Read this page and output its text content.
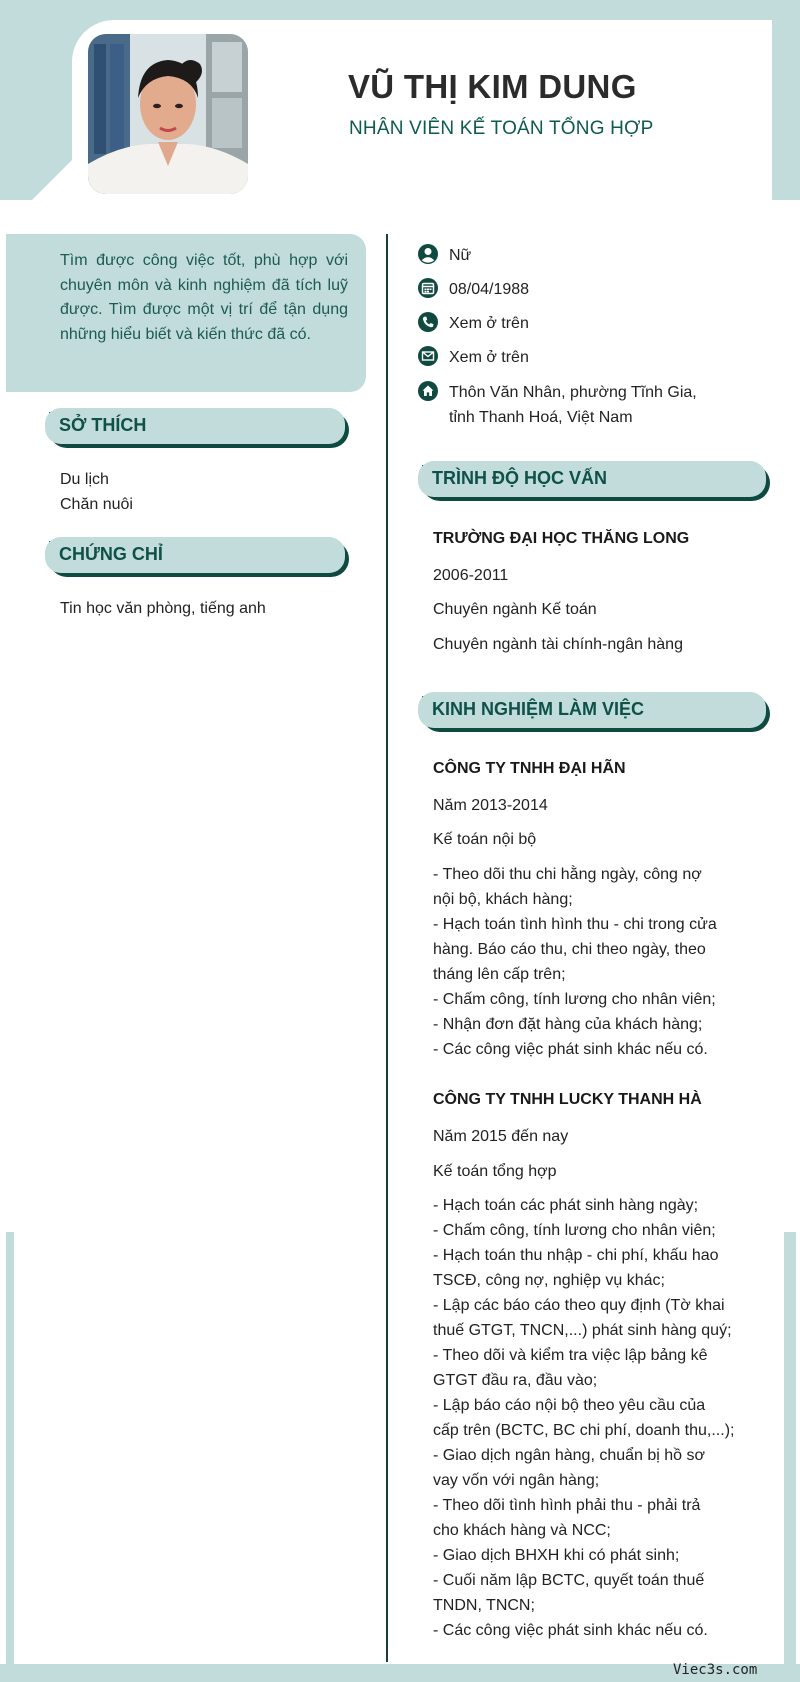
VŨ THỊ KIM DUNG
NHÂN VIÊN KẾ TOÁN TỔNG HỢP
Viec3s.com
Tìm được công việc tốt, phù hợp với chuyên môn và kinh nghiệm đã tích luỹ được. Tìm được một vị trí để tận dụng những hiểu biết và kiến thức đã có.
SỞ THÍCH
Du lịch
Chăn nuôi
CHỨNG CHỈ
Tin học văn phòng, tiếng anh
Nữ
08/04/1988
Xem ở trên
Xem ở trên
Thôn Văn Nhân, phường Tĩnh Gia,
tỉnh Thanh Hoá, Việt Nam
TRÌNH ĐỘ HỌC VẤN
TRƯỜNG ĐẠI HỌC THĂNG LONG
2006-2011
Chuyên ngành Kế toán
Chuyên ngành tài chính-ngân hàng
KINH NGHIỆM LÀM VIỆC
CÔNG TY TNHH ĐẠI HÃN
Năm 2013-2014
Kế toán nội bộ
- Theo dõi thu chi hằng ngày, công nợ
nội bộ, khách hàng;
- Hạch toán tình hình thu - chi trong cửa
hàng. Báo cáo thu, chi theo ngày, theo
tháng lên cấp trên;
- Chấm công, tính lương cho nhân viên;
- Nhận đơn đặt hàng của khách hàng;
- Các công việc phát sinh khác nếu có.
CÔNG TY TNHH LUCKY THANH HÀ
Năm 2015 đến nay
Kế toán tổng hợp
- Hạch toán các phát sinh hàng ngày;
- Chấm công, tính lương cho nhân viên;
- Hạch toán thu nhập - chi phí, khấu hao
TSCĐ, công nợ, nghiệp vụ khác;
- Lập các báo cáo theo quy định (Tờ khai
thuế GTGT, TNCN,...) phát sinh hàng quý;
- Theo dõi và kiểm tra việc lập bảng kê
GTGT đầu ra, đầu vào;
- Lập báo cáo nội bộ theo yêu cầu của
cấp trên (BCTC, BC chi phí, doanh thu,...);
- Giao dịch ngân hàng, chuẩn bị hồ sơ
vay vốn với ngân hàng;
- Theo dõi tình hình phải thu - phải trả
cho khách hàng và NCC;
- Giao dịch BHXH khi có phát sinh;
- Cuối năm lập BCTC, quyết toán thuế
TNDN, TNCN;
- Các công việc phát sinh khác nếu có.
